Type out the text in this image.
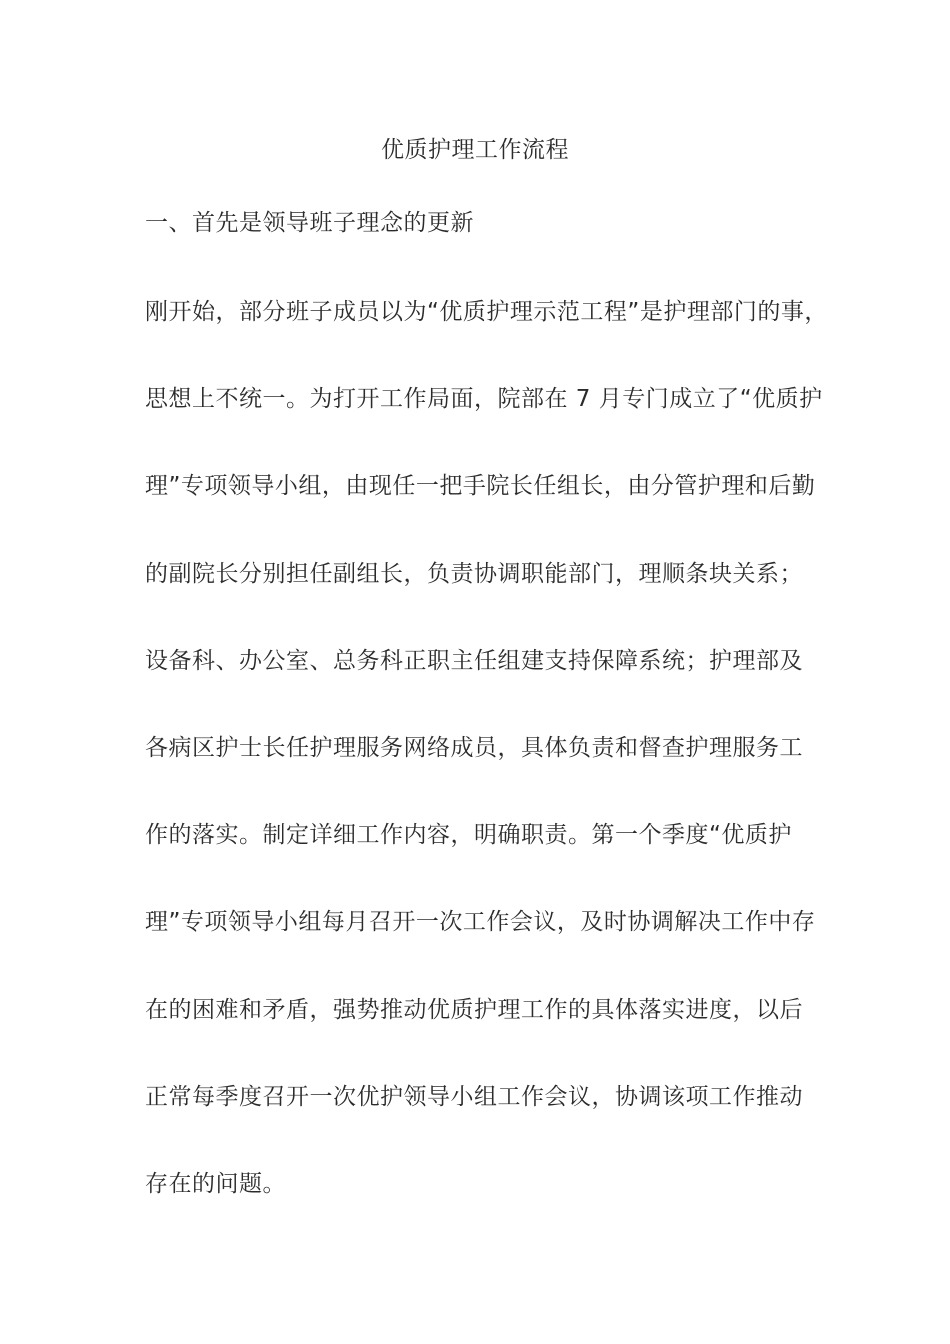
优质护理工作流程
一、首先是领导班子理念的更新
刚开始，部分班子成员以为“优质护理示范工程”是护理部门的事，
思想上不统一。为打开工作局面，院部在 7 月专门成立了“优质护
理”专项领导小组，由现任一把手院长任组长，由分管护理和后勤
的副院长分别担任副组长，负责协调职能部门，理顺条块关系；
设备科、办公室、总务科正职主任组建支持保障系统；护理部及
各病区护士长任护理服务网络成员，具体负责和督查护理服务工
作的落实。制定详细工作内容，明确职责。第一个季度“优质护
理”专项领导小组每月召开一次工作会议，及时协调解决工作中存
在的困难和矛盾，强势推动优质护理工作的具体落实进度，以后
正常每季度召开一次优护领导小组工作会议，协调该项工作推动
存在的问题。
